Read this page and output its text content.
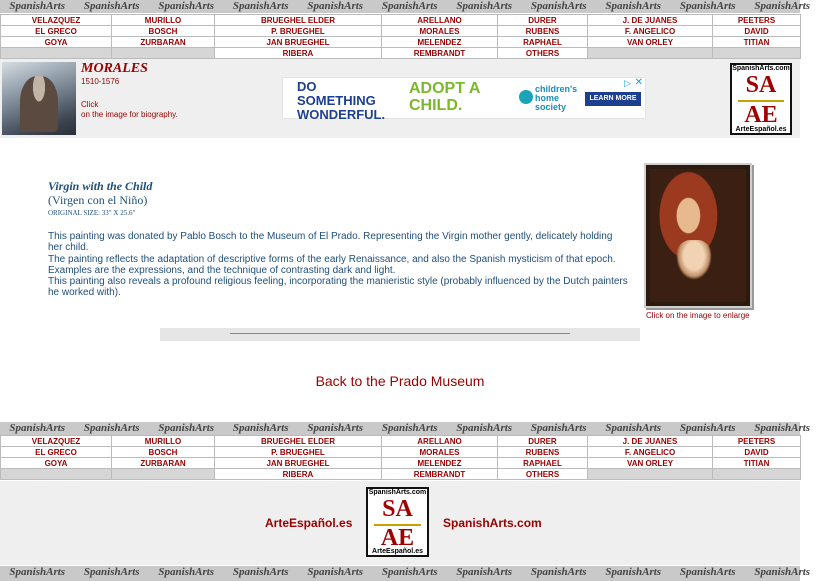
SpanishArts SpanishArts SpanishArts SpanishArts SpanishArts SpanishArts SpanishArts SpanishArts SpanishArts SpanishArts SpanishArts
VELAZQUEZ	MURILLO	BRUEGHEL ELDER	ARELLANO	DURER	J. DE JUANES	PEETERS
EL GRECO	BOSCH	P. BRUEGHEL	MORALES	RUBENS	F. ANGELICO	DAVID
GOYA	ZURBARAN	JAN BRUEGHEL	MELENDEZ	RAPHAEL	VAN ORLEY	TITIAN
		RIBERA	REMBRANDT	OTHERS		
MORALES
1510-1576
Click
on the image for biography.
DO SOMETHING WONDERFUL.
ADOPT A CHILD.
children's home society
LEARN MORE
▷ ✕
SpanishArts.com
SA
AE
ArteEspañol.es
Virgin with the Child
(Virgen con el Niño)
ORIGINAL SIZE: 33" X 25.6"
This painting was donated by Pablo Bosch to the Museum of El Prado. Representing the Virgin mother gently, delicately holding her child.
The painting reflects the adaptation of descriptive forms of the early Renaissance, and also the Spanish mysticism of that epoch. Examples are the expressions, and the technique of contrasting dark and light.
This painting also reveals a profound religious feeling, incorporating the manieristic style (probably influenced by the Dutch painters he worked with).
Click on the image to enlarge
Back to the Prado Museum
SpanishArts SpanishArts SpanishArts SpanishArts SpanishArts SpanishArts SpanishArts SpanishArts SpanishArts SpanishArts SpanishArts
VELAZQUEZ	MURILLO	BRUEGHEL ELDER	ARELLANO	DURER	J. DE JUANES	PEETERS
EL GRECO	BOSCH	P. BRUEGHEL	MORALES	RUBENS	F. ANGELICO	DAVID
GOYA	ZURBARAN	JAN BRUEGHEL	MELENDEZ	RAPHAEL	VAN ORLEY	TITIAN
		RIBERA	REMBRANDT	OTHERS		
ArteEspañol.es
SpanishArts.com
SA
AE
ArteEspañol.es
SpanishArts.com
SpanishArts SpanishArts SpanishArts SpanishArts SpanishArts SpanishArts SpanishArts SpanishArts SpanishArts SpanishArts SpanishArts
